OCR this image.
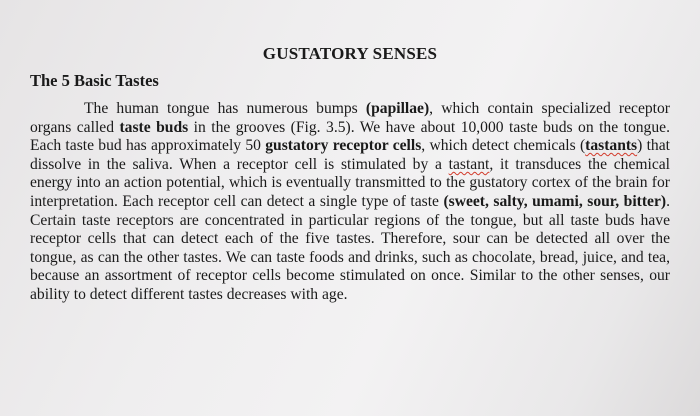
GUSTATORY SENSES
The 5 Basic Tastes

The human tongue has numerous bumps (papillae), which contain specialized receptor organs called taste buds in the grooves (Fig. 3.5). We have about 10,000 taste buds on the tongue. Each taste bud has approximately 50 gustatory receptor cells, which detect chemicals (tastants) that dissolve in the saliva. When a receptor cell is stimulated by a tastant, it transduces the chemical energy into an action potential, which is eventually transmitted to the gustatory cortex of the brain for interpretation. Each receptor cell can detect a single type of taste (sweet, salty, umami, sour, bitter). Certain taste receptors are concentrated in particular regions of the tongue, but all taste buds have receptor cells that can detect each of the five tastes. Therefore, sour can be detected all over the tongue, as can the other tastes. We can taste foods and drinks, such as chocolate, bread, juice, and tea, because an assortment of receptor cells become stimulated on once. Similar to the other senses, our ability to detect different tastes decreases with age.
